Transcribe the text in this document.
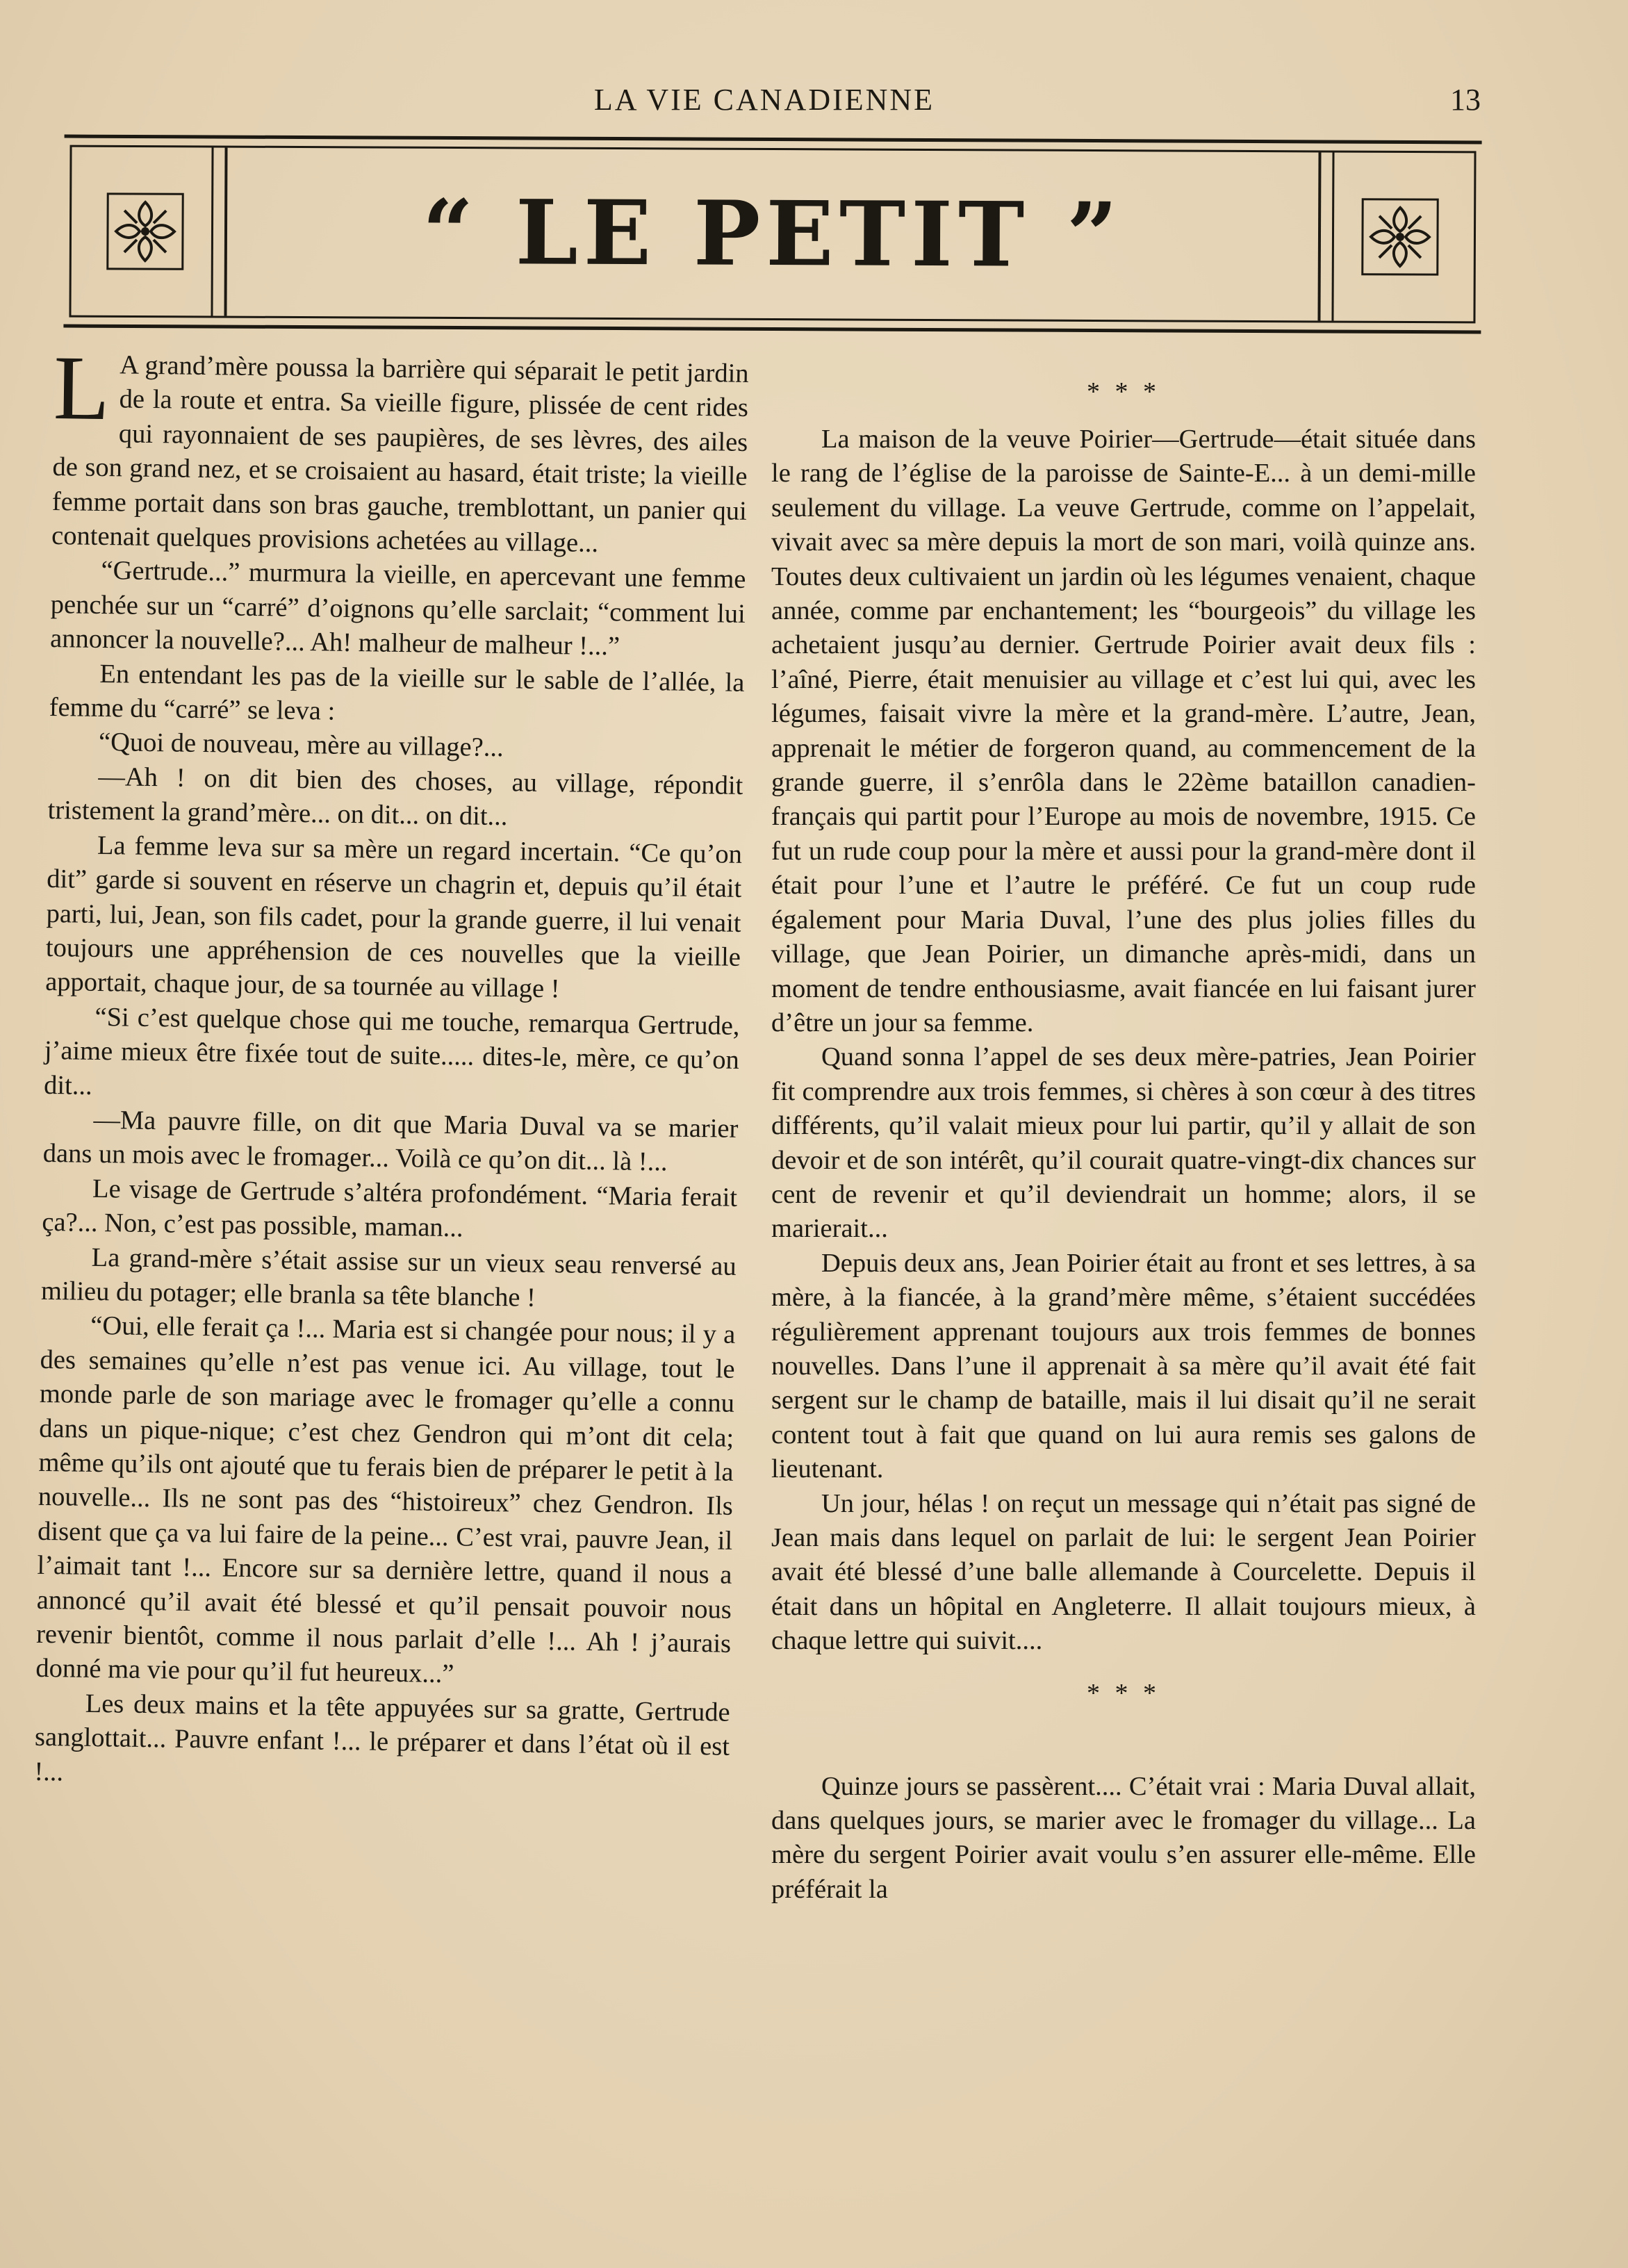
LA VIE CANADIENNE	13
“ LE PETIT ”

L A grand’mère poussa la barrière qui séparait le petit jardin de la route et entra. Sa vieille figure, plissée de cent rides qui rayonnaient de ses paupières, de ses lèvres, des ailes de son grand nez, et se croisaient au hasard, était triste; la vieille femme portait dans son bras gauche, tremblottant, un panier qui contenait quelques provisions achetées au village...

“Gertrude...” murmura la vieille, en apercevant une femme penchée sur un “carré” d’oignons qu’elle sarclait; “comment lui annoncer la nouvelle?... Ah! malheur de malheur !...”

En entendant les pas de la vieille sur le sable de l’allée, la femme du “carré” se leva :

“Quoi de nouveau, mère au village?...

—Ah ! on dit bien des choses, au village, répondit tristement la grand’mère... on dit... on dit...

La femme leva sur sa mère un regard incertain. “Ce qu’on dit” garde si souvent en réserve un chagrin et, depuis qu’il était parti, lui, Jean, son fils cadet, pour la grande guerre, il lui venait toujours une appréhension de ces nouvelles que la vieille apportait, chaque jour, de sa tournée au village !

“Si c’est quelque chose qui me touche, remarqua Gertrude, j’aime mieux être fixée tout de suite..... dites-le, mère, ce qu’on dit...

—Ma pauvre fille, on dit que Maria Duval va se marier dans un mois avec le fromager... Voilà ce qu’on dit... là !...

Le visage de Gertrude s’altéra profondément. “Maria ferait ça?... Non, c’est pas possible, maman...

La grand-mère s’était assise sur un vieux seau renversé au milieu du potager; elle branla sa tête blanche !

“Oui, elle ferait ça !... Maria est si changée pour nous; il y a des semaines qu’elle n’est pas venue ici. Au village, tout le monde parle de son mariage avec le fromager qu’elle a connu dans un pique-nique; c’est chez Gendron qui m’ont dit cela; même qu’ils ont ajouté que tu ferais bien de préparer le petit à la nouvelle... Ils ne sont pas des “histoireux” chez Gendron. Ils disent que ça va lui faire de la peine... C’est vrai, pauvre Jean, il l’aimait tant !... Encore sur sa dernière lettre, quand il nous a annoncé qu’il avait été blessé et qu’il pensait pouvoir nous revenir bientôt, comme il nous parlait d’elle !... Ah ! j’aurais donné ma vie pour qu’il fut heureux...”

Les deux mains et la tête appuyées sur sa gratte, Gertrude sanglottait... Pauvre enfant !... le préparer et dans l’état où il est !...

* * *

La maison de la veuve Poirier—Gertrude—était située dans le rang de l’église de la paroisse de Sainte-E... à un demi-mille seulement du village. La veuve Gertrude, comme on l’appelait, vivait avec sa mère depuis la mort de son mari, voilà quinze ans. Toutes deux cultivaient un jardin où les légumes venaient, chaque année, comme par enchantement; les “bourgeois” du village les achetaient jusqu’au dernier. Gertrude Poirier avait deux fils : l’aîné, Pierre, était menuisier au village et c’est lui qui, avec les légumes, faisait vivre la mère et la grand-mère. L’autre, Jean, apprenait le métier de forgeron quand, au commencement de la grande guerre, il s’enrôla dans le 22ème bataillon canadien-français qui partit pour l’Europe au mois de novembre, 1915. Ce fut un rude coup pour la mère et aussi pour la grand-mère dont il était pour l’une et l’autre le préféré. Ce fut un coup rude également pour Maria Duval, l’une des plus jolies filles du village, que Jean Poirier, un dimanche après-midi, dans un moment de tendre enthousiasme, avait fiancée en lui faisant jurer d’être un jour sa femme.

Quand sonna l’appel de ses deux mère-patries, Jean Poirier fit comprendre aux trois femmes, si chères à son cœur à des titres différents, qu’il valait mieux pour lui partir, qu’il y allait de son devoir et de son intérêt, qu’il courait quatre-vingt-dix chances sur cent de revenir et qu’il deviendrait un homme; alors, il se marierait...

Depuis deux ans, Jean Poirier était au front et ses lettres, à sa mère, à la fiancée, à la grand’mère même, s’étaient succédées régulièrement apprenant toujours aux trois femmes de bonnes nouvelles. Dans l’une il apprenait à sa mère qu’il avait été fait sergent sur le champ de bataille, mais il lui disait qu’il ne serait content tout à fait que quand on lui aura remis ses galons de lieutenant.

Un jour, hélas ! on reçut un message qui n’était pas signé de Jean mais dans lequel on parlait de lui: le sergent Jean Poirier avait été blessé d’une balle allemande à Courcelette. Depuis il était dans un hôpital en Angleterre. Il allait toujours mieux, à chaque lettre qui suivit....

* * *

Quinze jours se passèrent.... C’était vrai : Maria Duval allait, dans quelques jours, se marier avec le fromager du village... La mère du sergent Poirier avait voulu s’en assurer elle-même. Elle préférait la
